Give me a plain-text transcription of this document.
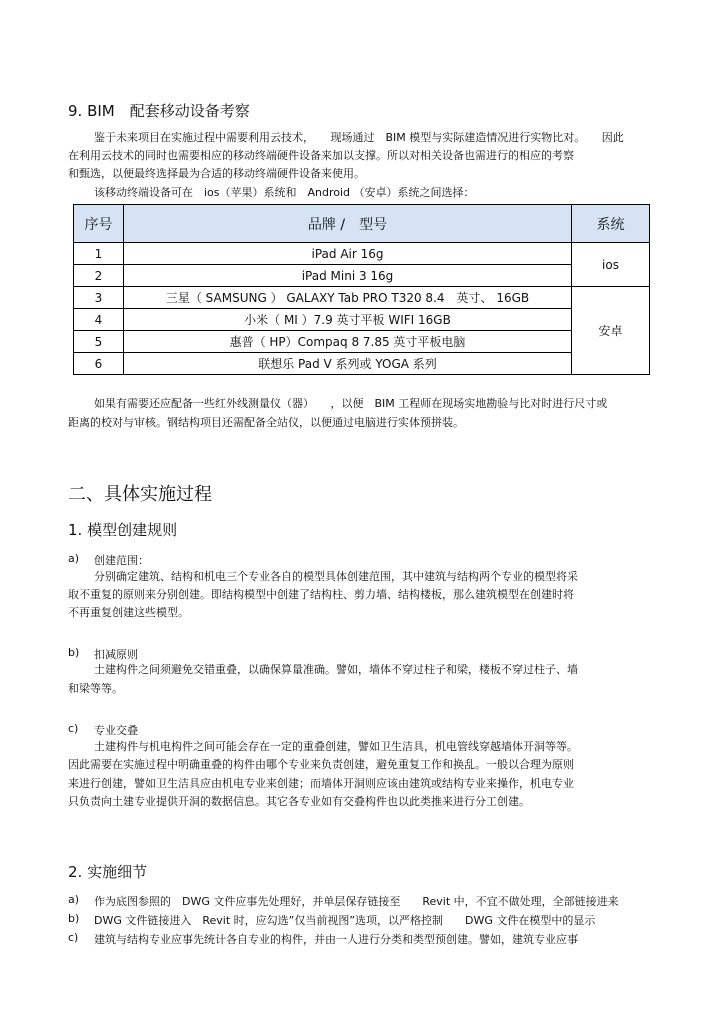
9. BIM　配套移动设备考察
鉴于未来项目在实施过程中需要利用云技术，　　现场通过　BIM 模型与实际建造情况进行实物比对。　　因此
在利用云技术的同时也需要相应的移动终端硬件设备来加以支撑。所以对相关设备也需进行的相应的考察
和甄选，以便最终选择最为合适的移动终端硬件设备来使用。
该移动终端设备可在　ios（苹果）系统和　Android （安卓）系统之间选择：
序号	品牌 /　型号	系统
1	iPad Air 16g	ios
2	iPad Mini 3 16g	
3	三星（ SAMSUNG ） GALAXY Tab PRO T320 8.4　英寸、 16GB	安卓
4	小米（ MI ）7.9 英寸平板 WIFI 16GB	
5	惠普（ HP）Compaq 8 7.85 英寸平板电脑	
6	联想乐 Pad V 系列或 YOGA 系列	
如果有需要还应配备一些红外线测量仪（器）　　，以便　BIM 工程师在现场实地勘验与比对时进行尺寸或
距离的校对与审核。钢结构项目还需配备全站仪，以便通过电脑进行实体预拼装。
二、具体实施过程
1. 模型创建规则
a) 创建范围：
分别确定建筑、结构和机电三个专业各自的模型具体创建范围，其中建筑与结构两个专业的模型将采
取不重复的原则来分别创建。即结构模型中创建了结构柱、剪力墙、结构楼板，那么建筑模型在创建时将
不再重复创建这些模型。
b) 扣减原则
土建构件之间须避免交错重叠，以确保算量准确。譬如，墙体不穿过柱子和梁，楼板不穿过柱子、墙
和梁等等。
c) 专业交叠
土建构件与机电构件之间可能会存在一定的重叠创建，譬如卫生洁具，机电管线穿越墙体开洞等等。
因此需要在实施过程中明确重叠的构件由哪个专业来负责创建，避免重复工作和换乱。一般以合理为原则
来进行创建，譬如卫生洁具应由机电专业来创建；而墙体开洞则应该由建筑或结构专业来操作，机电专业
只负责向土建专业提供开洞的数据信息。其它各专业如有交叠构件也以此类推来进行分工创建。
2. 实施细节
a) 作为底图参照的　DWG 文件应事先处理好，并单层保存链接至　　Revit 中，不宜不做处理，全部链接进来
b) DWG 文件链接进入　Revit 时，应勾选”仅当前视图”选项，以严格控制　　DWG 文件在模型中的显示
c) 建筑与结构专业应事先统计各自专业的构件，并由一人进行分类和类型预创建。譬如，建筑专业应事
